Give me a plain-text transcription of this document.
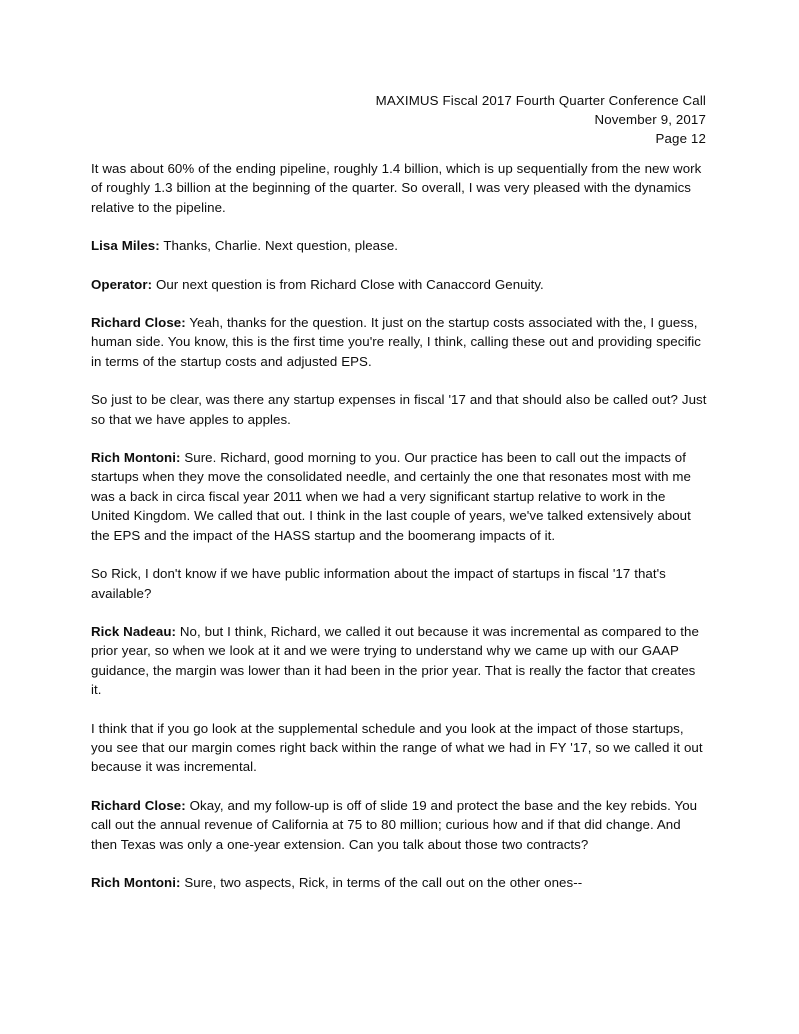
MAXIMUS Fiscal 2017 Fourth Quarter Conference Call
November 9, 2017
Page 12

It was about 60% of the ending pipeline, roughly 1.4 billion, which is up sequentially from the new work of roughly 1.3 billion at the beginning of the quarter. So overall, I was very pleased with the dynamics relative to the pipeline.

Lisa Miles: Thanks, Charlie. Next question, please.

Operator: Our next question is from Richard Close with Canaccord Genuity.

Richard Close: Yeah, thanks for the question. It just on the startup costs associated with the, I guess, human side. You know, this is the first time you're really, I think, calling these out and providing specific in terms of the startup costs and adjusted EPS.

So just to be clear, was there any startup expenses in fiscal '17 and that should also be called out? Just so that we have apples to apples.

Rich Montoni: Sure. Richard, good morning to you. Our practice has been to call out the impacts of startups when they move the consolidated needle, and certainly the one that resonates most with me was a back in circa fiscal year 2011 when we had a very significant startup relative to work in the United Kingdom. We called that out. I think in the last couple of years, we've talked extensively about the EPS and the impact of the HASS startup and the boomerang impacts of it.

So Rick, I don't know if we have public information about the impact of startups in fiscal '17 that's available?

Rick Nadeau: No, but I think, Richard, we called it out because it was incremental as compared to the prior year, so when we look at it and we were trying to understand why we came up with our GAAP guidance, the margin was lower than it had been in the prior year. That is really the factor that creates it.

I think that if you go look at the supplemental schedule and you look at the impact of those startups, you see that our margin comes right back within the range of what we had in FY '17, so we called it out because it was incremental.

Richard Close: Okay, and my follow-up is off of slide 19 and protect the base and the key rebids. You call out the annual revenue of California at 75 to 80 million; curious how and if that did change. And then Texas was only a one-year extension. Can you talk about those two contracts?

Rich Montoni: Sure, two aspects, Rick, in terms of the call out on the other ones--
